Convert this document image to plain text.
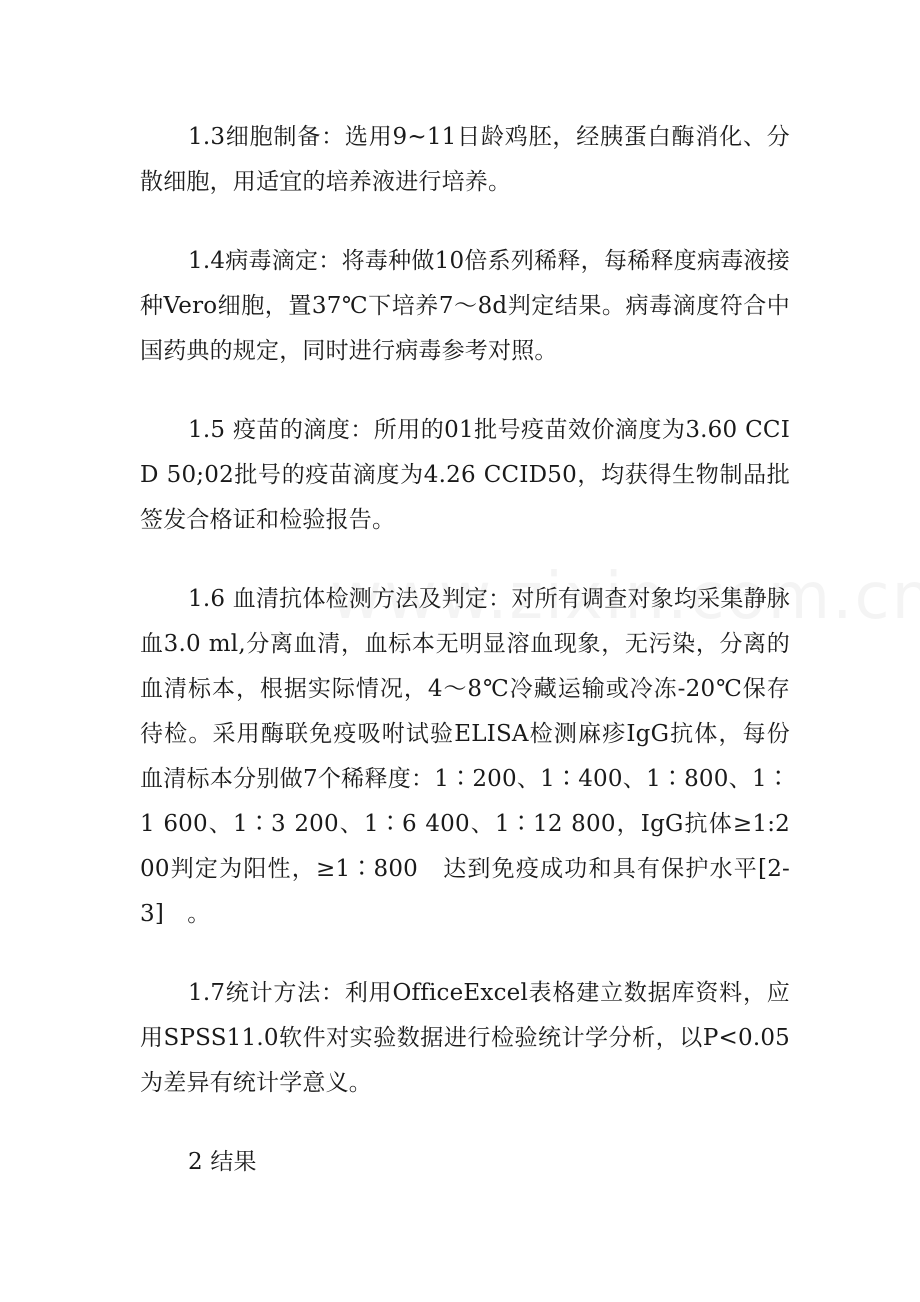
1.3细胞制备：选用9~11日龄鸡胚，经胰蛋白酶消化、分散细胞，用适宜的培养液进行培养。

1.4病毒滴定：将毒种做10倍系列稀释，每稀释度病毒液接种Vero细胞，置37℃下培养7～8d判定结果。病毒滴度符合中国药典的规定，同时进行病毒参考对照。

1.5 疫苗的滴度：所用的01批号疫苗效价滴度为3.60 CCID 50;02批号的疫苗滴度为4.26 CCID50，均获得生物制品批签发合格证和检验报告。

1.6 血清抗体检测方法及判定：对所有调查对象均采集静脉血3.0 ml,分离血清，血标本无明显溶血现象，无污染，分离的血清标本，根据实际情况，4～8℃冷藏运输或冷冻-20℃保存待检。采用酶联免疫吸咐试验ELISA检测麻疹IgG抗体，每份血清标本分别做7个稀释度：1∶200、1∶400、1∶800、1∶1 600、1∶3 200、1∶6 400、1∶12 800，IgG抗体≥1:200判定为阳性，≥1∶800　达到免疫成功和具有保护水平[2-3]　。

1.7统计方法：利用OfficeExcel表格建立数据库资料，应用SPSS11.0软件对实验数据进行检验统计学分析，以P<0.05为差异有统计学意义。

2 结果
